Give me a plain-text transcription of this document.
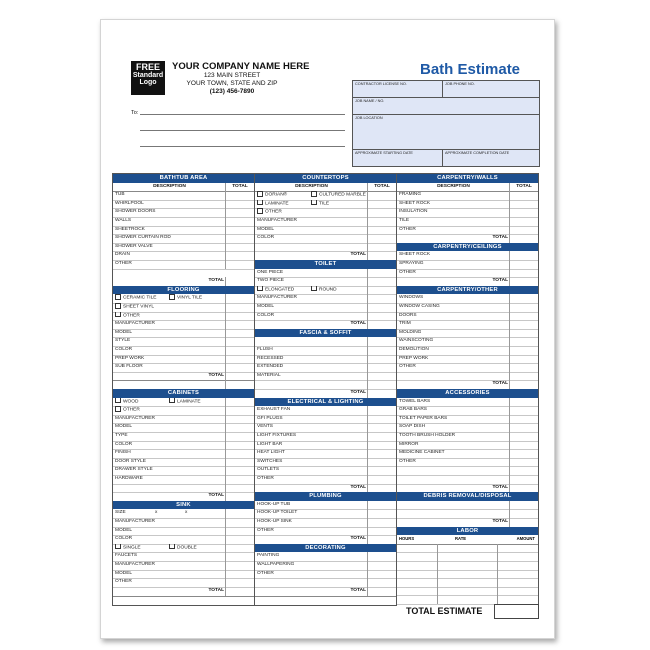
FREE
Standard
Logo
YOUR COMPANY NAME HERE
123 MAIN STREET
YOUR TOWN, STATE AND ZIP
(123) 456-7890
To:
Bath Estimate
CONTRACTOR LICENSE NO.	JOB PHONE NO.
JOB NAME / NO.
JOB LOCATION
APPROXIMATE STARTING DATE	APPROXIMATE COMPLETION DATE
BATHTUB AREA
DESCRIPTION	TOTAL
TUB
WHIRLPOOL
SHOWER DOORS
WALLS
SHEETROCK
SHOWER CURTAIN ROD
SHOWER VALVE
DRAIN
OTHER
TOTAL
FLOORING
CERAMIC TILE	VINYL TILE
SHEET VINYL
OTHER
MANUFACTURER
MODEL
STYLE
COLOR
PREP WORK
SUB FLOOR
TOTAL
CABINETS
WOOD	LAMINATE
OTHER
MANUFACTURER
MODEL
TYPE
COLOR
FINISH
DOOR STYLE
DRAWER STYLE
HARDWARE
TOTAL
SINK
SIZE	x	x
MANUFACTURER
MODEL
COLOR
SINGLE	DOUBLE
FAUCETS
MANUFACTURER
MODEL
OTHER
TOTAL
COUNTERTOPS
DESCRIPTION	TOTAL
DORIAN®	CULTURED MARBLE
LAMINATE	TILE
OTHER
MANUFACTURER
MODEL
COLOR
TOTAL
TOILET
ONE PIECE
TWO PIECE
ELONGATED	ROUND
MANUFACTURER
MODEL
COLOR
TOTAL
FASCIA & SOFFIT
FLUSH
RECESSED
EXTENDED
MATERIAL
TOTAL
ELECTRICAL & LIGHTING
EXHAUST FAN
GFI PLUGS
VENTS
LIGHT FIXTURES
LIGHT BAR
HEAT LIGHT
SWITCHES
OUTLETS
OTHER
TOTAL
PLUMBING
HOOK-UP TUB
HOOK-UP TOILET
HOOK-UP SINK
OTHER
TOTAL
DECORATING
PAINTING
WALLPAPERING
OTHER
TOTAL
CARPENTRY/WALLS
DESCRIPTION	TOTAL
FRAMING
SHEET ROCK
INSULATION
TILE
OTHER
TOTAL
CARPENTRY/CEILINGS
SHEET ROCK
SPRAYING
OTHER
TOTAL
CARPENTRY/OTHER
WINDOWS
WINDOW CASING
DOORS
TRIM
MOLDING
WAINSCOTING
DEMOLITION
PREP WORK
OTHER
TOTAL
ACCESSORIES
TOWEL BARS
GRAB BARS
TOILET PAPER BARS
SOAP DISH
TOOTH BRUSH HOLDER
MIRROR
MEDICINE CABINET
OTHER
TOTAL
DEBRIS REMOVAL/DISPOSAL
TOTAL
LABOR
HOURS	RATE	AMOUNT
TOTAL ESTIMATE
